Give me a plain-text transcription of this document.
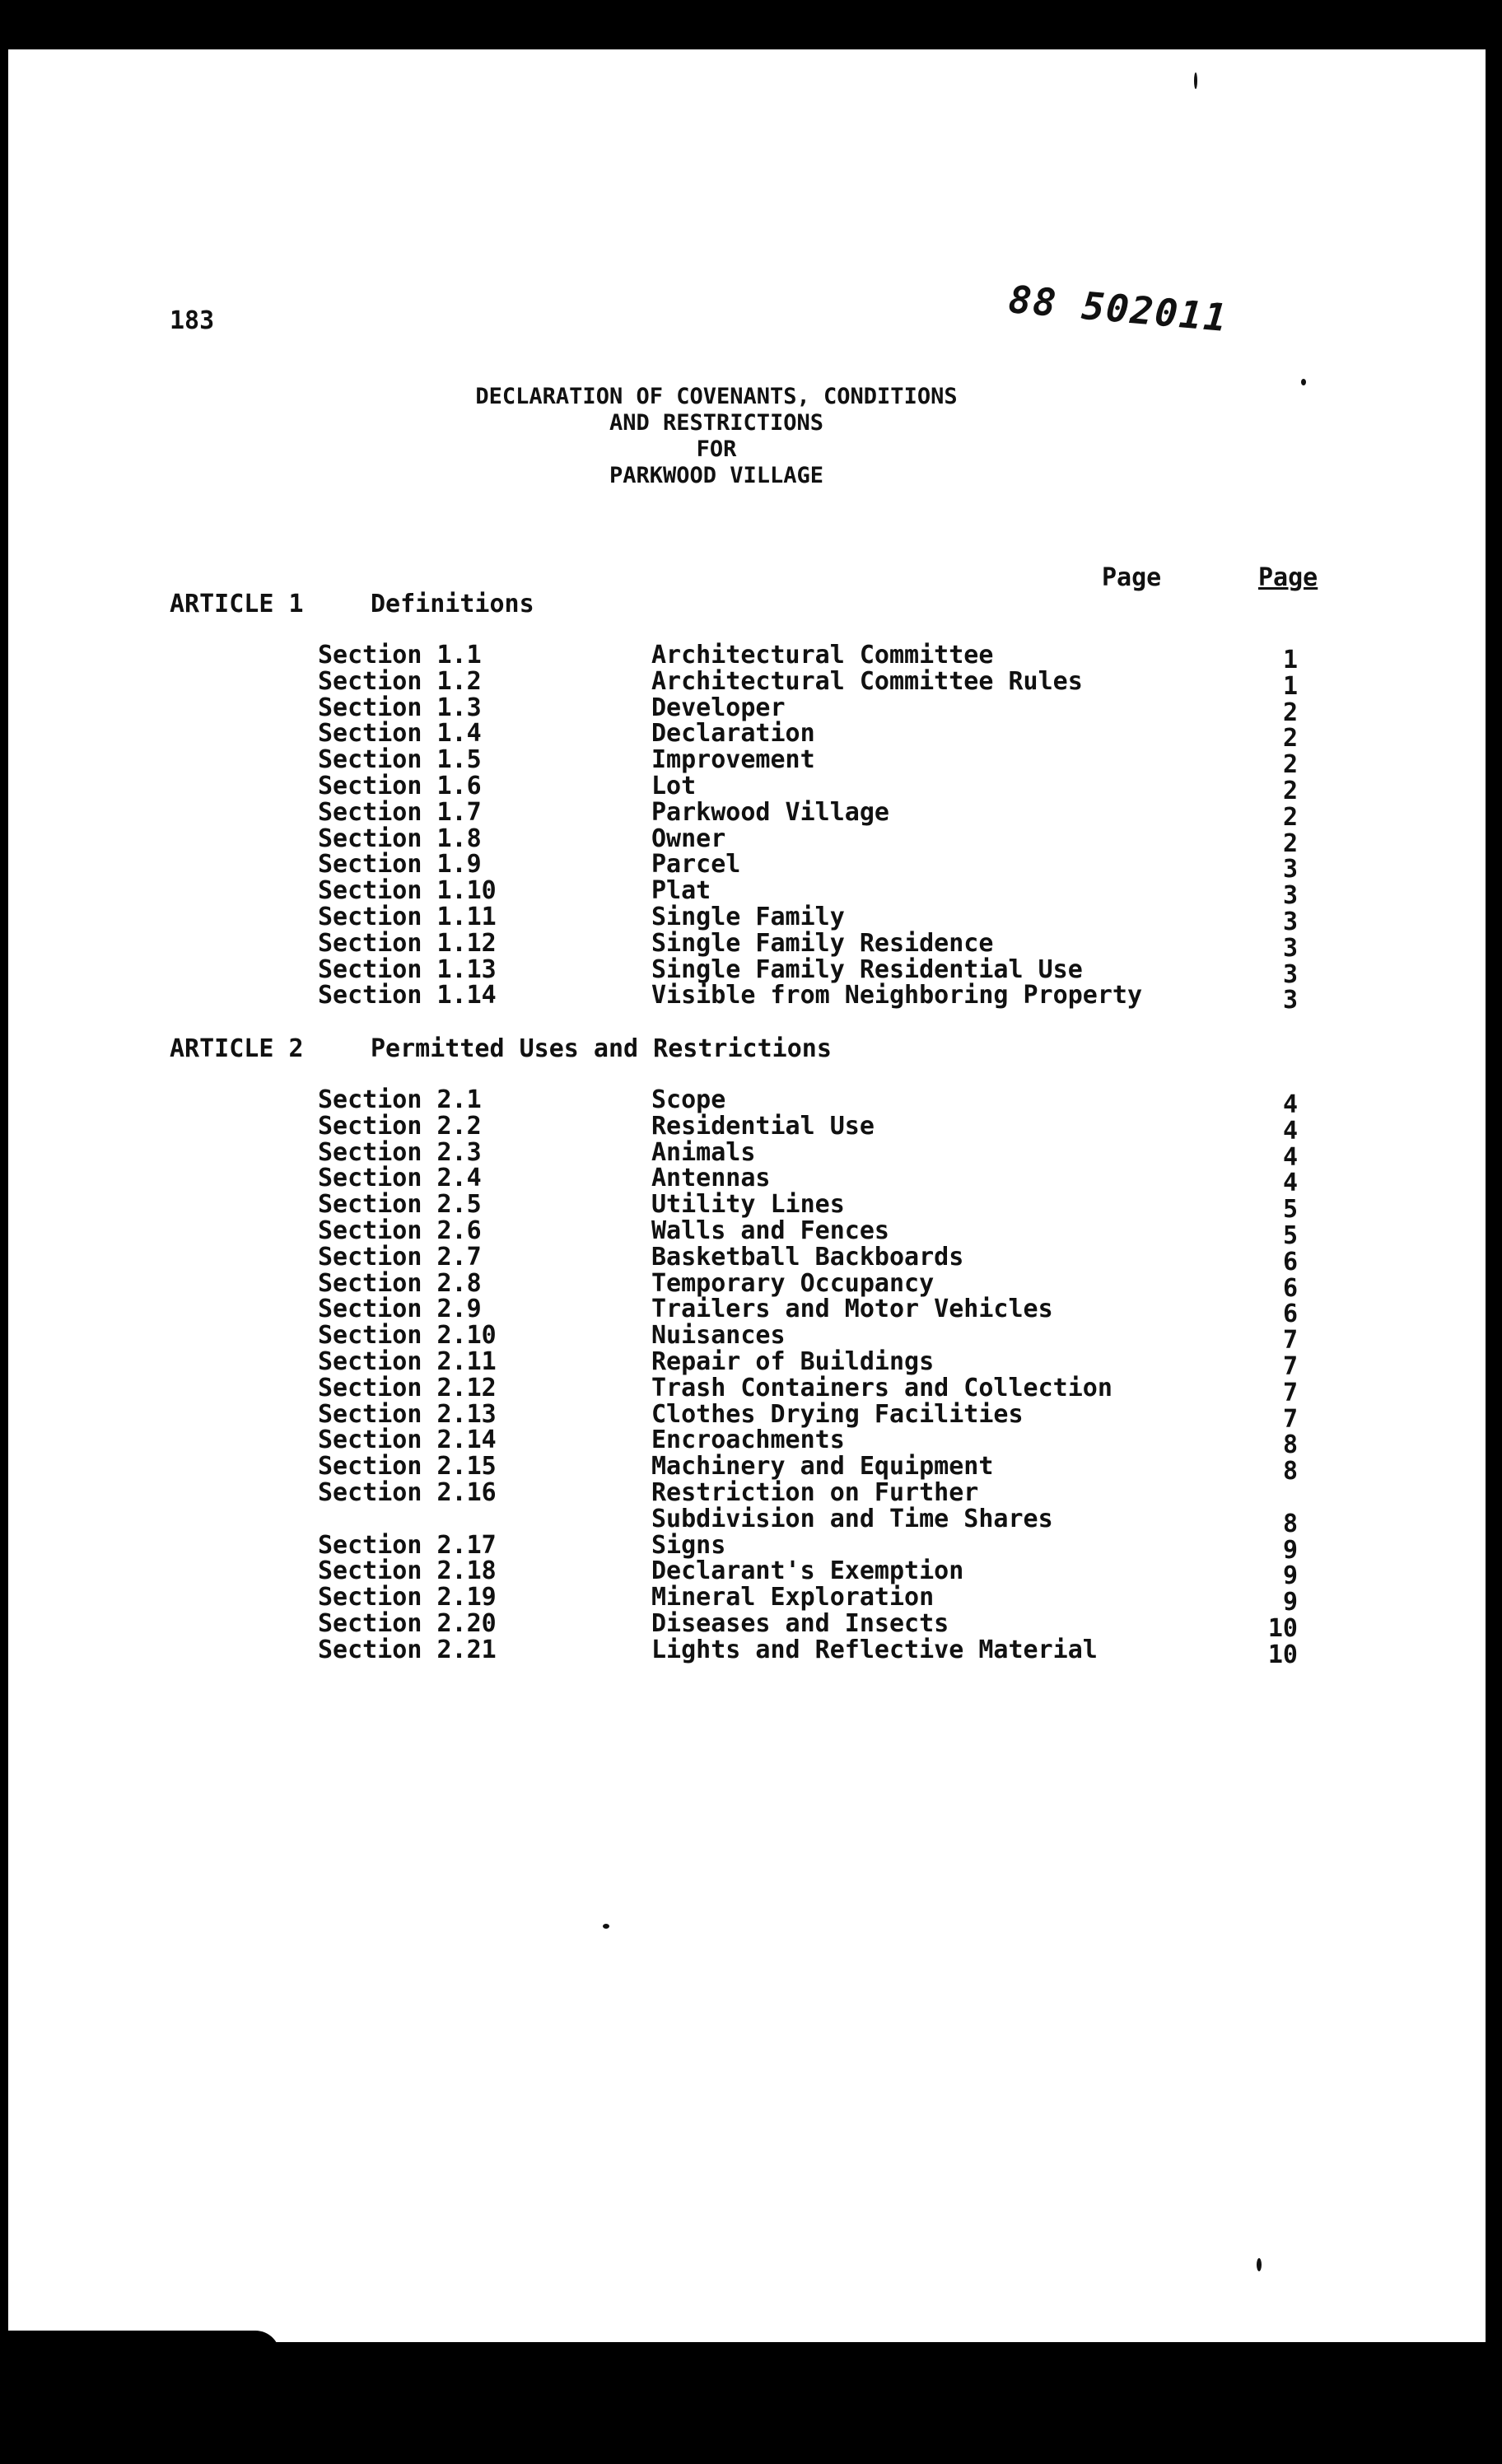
183	88 502011
DECLARATION OF COVENANTS, CONDITIONS
AND RESTRICTIONS
FOR
PARKWOOD VILLAGE
Page	Page
ARTICLE 1	Definitions
Section 1.1	Architectural Committee	1
Section 1.2	Architectural Committee Rules	1
Section 1.3	Developer	2
Section 1.4	Declaration	2
Section 1.5	Improvement	2
Section 1.6	Lot	2
Section 1.7	Parkwood Village	2
Section 1.8	Owner	2
Section 1.9	Parcel	3
Section 1.10	Plat	3
Section 1.11	Single Family	3
Section 1.12	Single Family Residence	3
Section 1.13	Single Family Residential Use	3
Section 1.14	Visible from Neighboring Property	3
ARTICLE 2	Permitted Uses and Restrictions
Section 2.1	Scope	4
Section 2.2	Residential Use	4
Section 2.3	Animals	4
Section 2.4	Antennas	4
Section 2.5	Utility Lines	5
Section 2.6	Walls and Fences	5
Section 2.7	Basketball Backboards	6
Section 2.8	Temporary Occupancy	6
Section 2.9	Trailers and Motor Vehicles	6
Section 2.10	Nuisances	7
Section 2.11	Repair of Buildings	7
Section 2.12	Trash Containers and Collection	7
Section 2.13	Clothes Drying Facilities	7
Section 2.14	Encroachments	8
Section 2.15	Machinery and Equipment	8
Section 2.16	Restriction on Further
Subdivision and Time Shares	8
Section 2.17	Signs	9
Section 2.18	Declarant's Exemption	9
Section 2.19	Mineral Exploration	9
Section 2.20	Diseases and Insects	10
Section 2.21	Lights and Reflective Material	10
